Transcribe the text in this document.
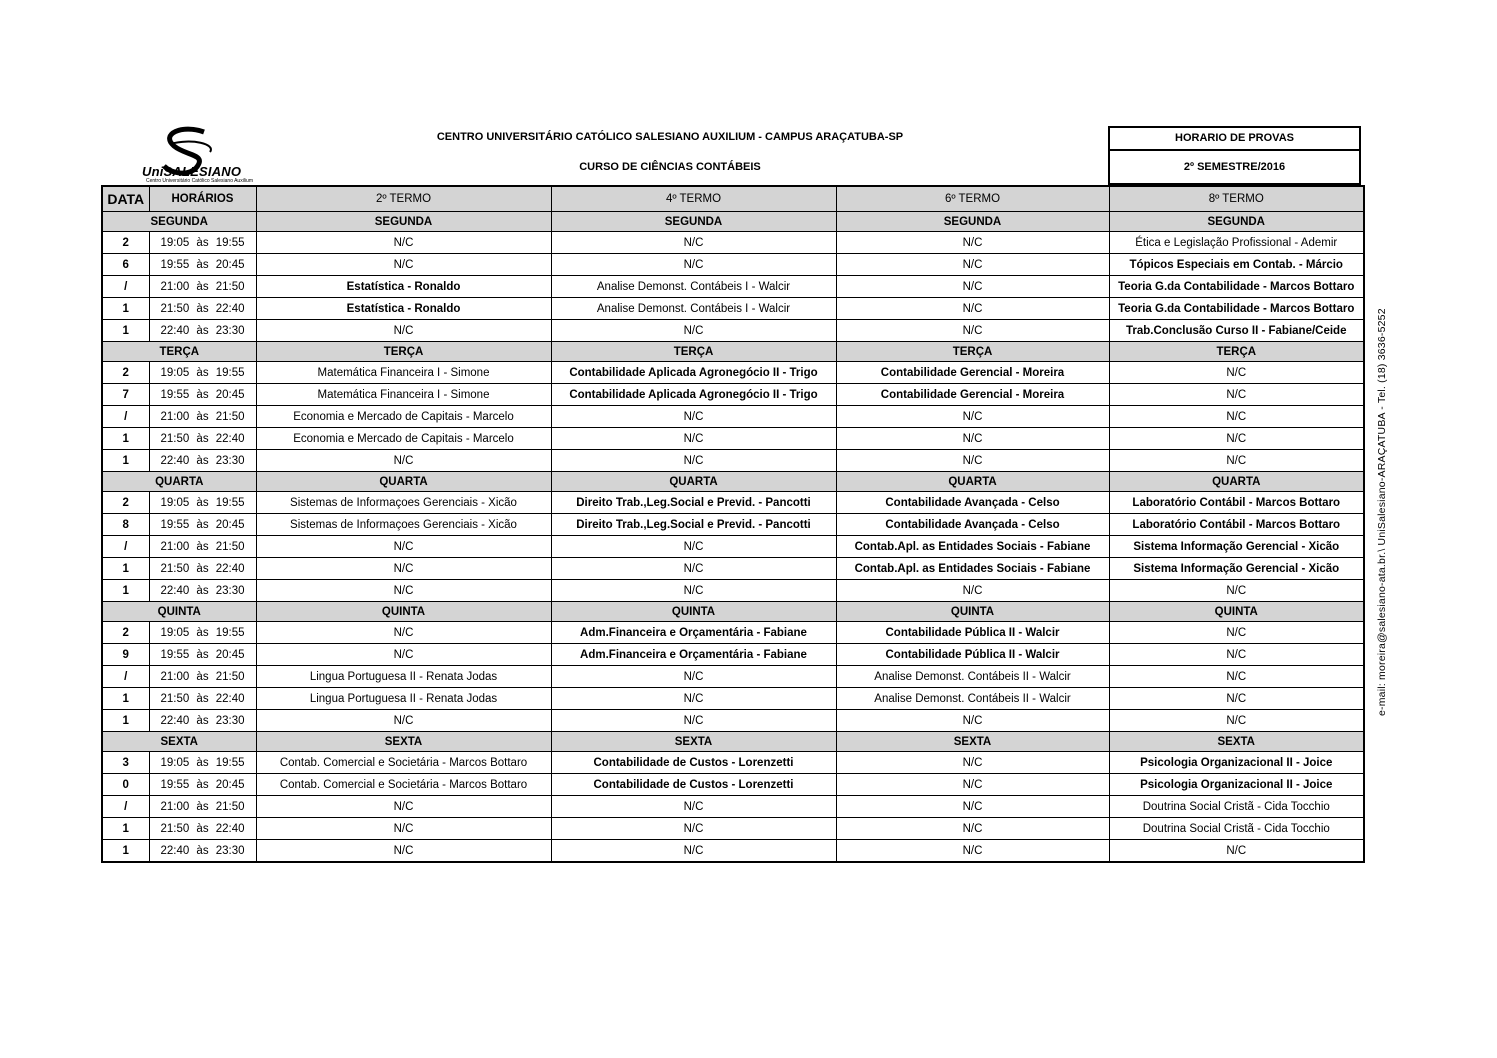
UniSALESIANO
Centro Universitário Católico Salesiano Auxilium
CENTRO UNIVERSITÁRIO CATÓLICO SALESIANO AUXILIUM - CAMPUS ARAÇATUBA-SP
CURSO DE CIÊNCIAS CONTÁBEIS
HORARIO DE PROVAS
2º SEMESTRE/2016
e-mail: moreira@salesiano-ata.br.\ UniSalesiano-ARAÇATUBA - Tel. (18) 3636-5252
DATA	HORÁRIOS	2º TERMO	4º TERMO	6º TERMO	8º TERMO
SEGUNDA		SEGUNDA	SEGUNDA	SEGUNDA	SEGUNDA
2	19:05 às 19:55	N/C	N/C	N/C	Ética e Legislação Profissional - Ademir
6	19:55 às 20:45	N/C	N/C	N/C	Tópicos Especiais em Contab. - Márcio
/	21:00 às 21:50	Estatística - Ronaldo	Analise Demonst. Contábeis I - Walcir	N/C	Teoria G.da Contabilidade - Marcos Bottaro
1	21:50 às 22:40	Estatística - Ronaldo	Analise Demonst. Contábeis I - Walcir	N/C	Teoria G.da Contabilidade - Marcos Bottaro
1	22:40 às 23:30	N/C	N/C	N/C	Trab.Conclusão Curso II - Fabiane/Ceide
TERÇA		TERÇA	TERÇA	TERÇA	TERÇA
2	19:05 às 19:55	Matemática Financeira I - Simone	Contabilidade Aplicada Agronegócio II - Trigo	Contabilidade Gerencial - Moreira	N/C
7	19:55 às 20:45	Matemática Financeira I - Simone	Contabilidade Aplicada Agronegócio II - Trigo	Contabilidade Gerencial - Moreira	N/C
/	21:00 às 21:50	Economia e Mercado de Capitais - Marcelo	N/C	N/C	N/C
1	21:50 às 22:40	Economia e Mercado de Capitais - Marcelo	N/C	N/C	N/C
1	22:40 às 23:30	N/C	N/C	N/C	N/C
QUARTA		QUARTA	QUARTA	QUARTA	QUARTA
2	19:05 às 19:55	Sistemas de Informaçoes Gerenciais - Xicão	Direito Trab.,Leg.Social e Previd. - Pancotti	Contabilidade Avançada - Celso	Laboratório Contábil - Marcos Bottaro
8	19:55 às 20:45	Sistemas de Informaçoes Gerenciais - Xicão	Direito Trab.,Leg.Social e Previd. - Pancotti	Contabilidade Avançada - Celso	Laboratório Contábil - Marcos Bottaro
/	21:00 às 21:50	N/C	N/C	Contab.Apl. as Entidades Sociais - Fabiane	Sistema Informação Gerencial - Xicão
1	21:50 às 22:40	N/C	N/C	Contab.Apl. as Entidades Sociais - Fabiane	Sistema Informação Gerencial - Xicão
1	22:40 às 23:30	N/C	N/C	N/C	N/C
QUINTA		QUINTA	QUINTA	QUINTA	QUINTA
2	19:05 às 19:55	N/C	Adm.Financeira e Orçamentária - Fabiane	Contabilidade Pública II - Walcir	N/C
9	19:55 às 20:45	N/C	Adm.Financeira e Orçamentária - Fabiane	Contabilidade Pública II - Walcir	N/C
/	21:00 às 21:50	Lingua Portuguesa II - Renata Jodas	N/C	Analise Demonst. Contábeis II - Walcir	N/C
1	21:50 às 22:40	Lingua Portuguesa II - Renata Jodas	N/C	Analise Demonst. Contábeis II - Walcir	N/C
1	22:40 às 23:30	N/C	N/C	N/C	N/C
SEXTA		SEXTA	SEXTA	SEXTA	SEXTA
3	19:05 às 19:55	Contab. Comercial e Societária - Marcos Bottaro	Contabilidade de Custos - Lorenzetti	N/C	Psicologia Organizacional II - Joice
0	19:55 às 20:45	Contab. Comercial e Societária - Marcos Bottaro	Contabilidade de Custos - Lorenzetti	N/C	Psicologia Organizacional II - Joice
/	21:00 às 21:50	N/C	N/C	N/C	Doutrina Social Cristã - Cida Tocchio
1	21:50 às 22:40	N/C	N/C	N/C	Doutrina Social Cristã - Cida Tocchio
1	22:40 às 23:30	N/C	N/C	N/C	N/C
